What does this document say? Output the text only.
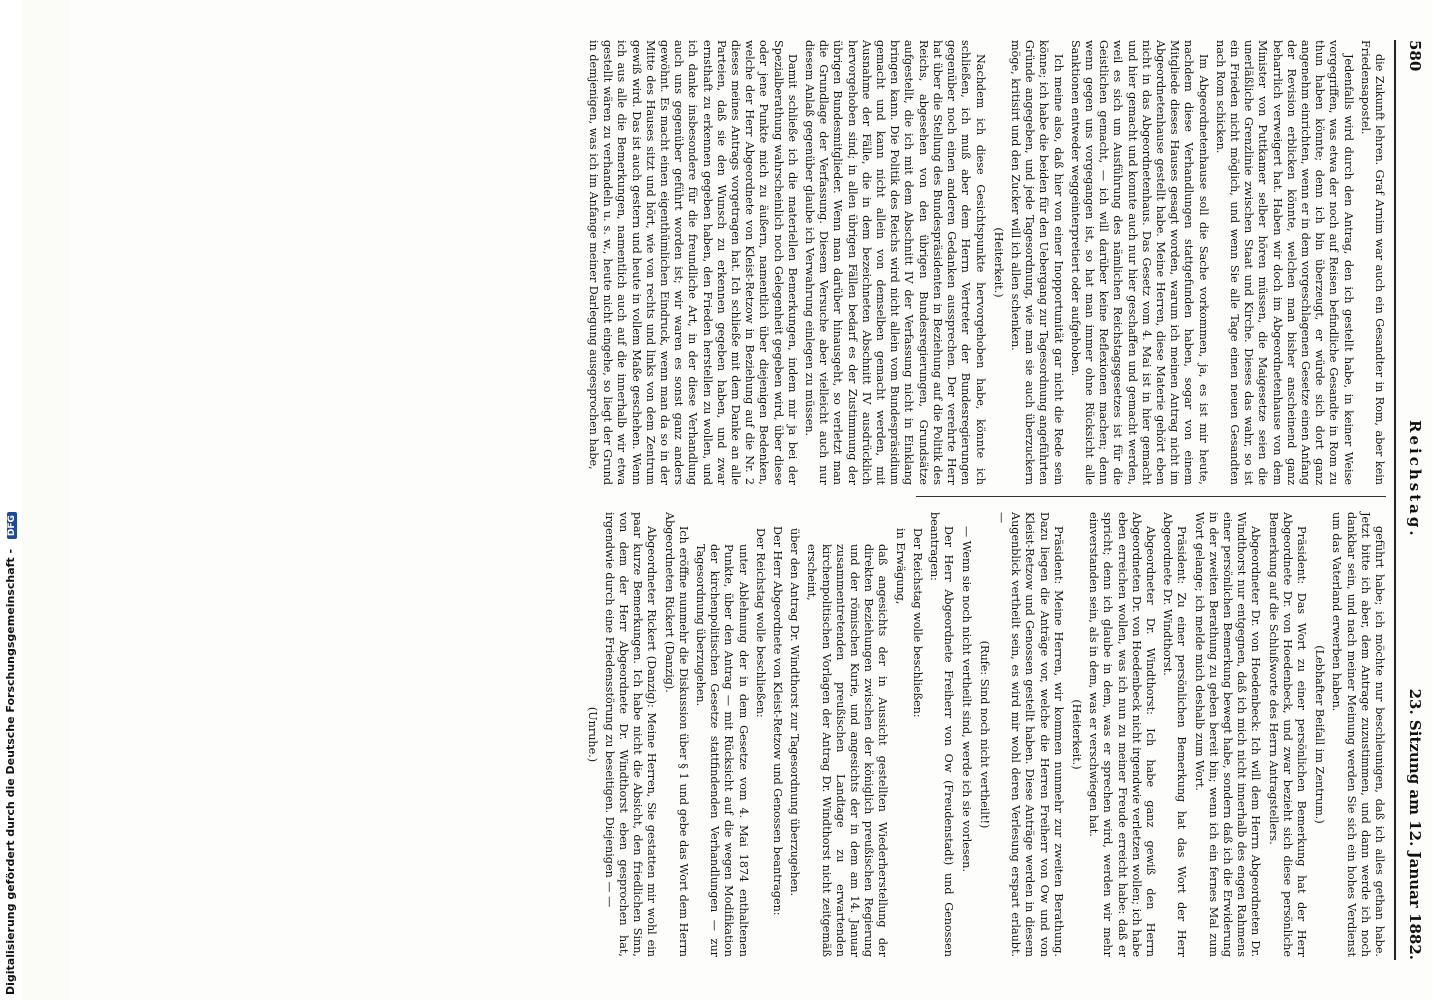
Digitalisierung gefördert durch die Deutsche Forschungsgemeinschaft - DFG
580
Reichstag.
23. Sitzung am 12. Januar 1882.

die Zukunft lehren. Graf Arnim war auch ein Gesandter in Rom, aber kein Friedensapostel.

Jedenfalls wird durch den Antrag, den ich gestellt habe, in keiner Weise vorgegriffen, was etwa der noch auf Reisen befindliche Gesandte in Rom zu thun haben könnte; denn ich bin überzeugt, er würde sich dort ganz angenehm einrichten, wenn er in dem vorgeschlagenen Gesetze einen Anfang der Revision erblicken könnte, welchen man bisher anscheinend ganz beharrlich verweigert hat. Haben wir doch im Abgeordnetenhause von dem Minister von Puttkamer selber hören müssen, die Maigesetze seien die unerläßliche Grenzlinie zwischen Staat und Kirche. Dieses das wahr, so ist ein Frieden nicht möglich, und wenn Sie alle Tage einen neuen Gesandten nach Rom schicken.

Im Abgeordnetenhause soll die Sache vorkommen, ja, es ist mir heute, nachdem diese Verhandlungen stattgefunden haben, sogar von einem Mitgliede dieses Hauses gesagt worden, warum ich meinen Antrag nicht im Abgeordnetenhause gestellt habe. Meine Herren, diese Materie gehört eben nicht in das Abgeordnetenhaus. Das Gesetz vom 4. Mai ist in hier gemacht und hier gemacht und konnte auch nur hier geschaffen und gemacht werden, weil es sich um Ausführung des nämlichen Reichstagsgesetzes ist für die Geistlichen gemacht, — ich will darüber keine Reflexionen machen; denn wenn gegen uns vorgegangen ist, so hat man immer ohne Rücksicht alle Sanktionen entweder weggeinterpretiert oder aufgehoben.

Ich meine also, daß hier von einer Inopportunität gar nicht die Rede sein könne; ich habe die beiden für den Uebergang zur Tagesordnung angeführten Gründe angegeben, und jede Tagesordnung, wie man sie auch überzuckern möge, kritisirt und den Zucker will ich allen schenken.

(Heiterkeit.)

Nachdem ich diese Gesichtspunkte hervorgehoben habe, könnte ich schließen, ich muß aber dem Herrn Vertreter der Bundesregierungen gegenüber noch einen anderen Gedanken aussprechen. Der verehrte Herr hat über die Stellung des Bundespräsidenten in Beziehung auf die Politik des Reichs, abgesehen von den übrigen Bundesregierungen, Grundsätze aufgestellt, die ich mit dem Abschnitt IV der Verfassung nicht in Einklang bringen kann. Die Politik des Reichs wird nicht allein vom Bundespräsidium gemacht und kann nicht allein von demselben gemacht werden, mit Ausnahme der Fälle, die in dem bezeichneten Abschnitt IV ausdrücklich hervorgehoben sind; in allen übrigen Fällen bedarf es der Zustimmung der übrigen Bundesmitglieder. Wenn man darüber hinausgeht, so verletzt man die Grundlage der Verfassung. Diesem Versuche aber vielleicht auch nur diesem Anlaß gegenüber glaube ich Verwahrung einlegen zu müssen.

Damit schließe ich die materiellen Bemerkungen, indem mir ja bei der Spezialberathung wahrscheinlich noch Gelegenheit gegeben wird, über diese oder jene Punkte mich zu äußern, namentlich über diejenigen Bedenken, welche der Herr Abgeordnete von Kleist-Retzow in Beziehung auf die Nr. 2 dieses meines Antrags vorgetragen hat. Ich schließe mit dem Danke an alle Parteien, daß sie den Wunsch zu erkennen gegeben haben, und zwar ernsthaft zu erkennen gegeben haben, den Frieden herstellen zu wollen, und ich danke insbesondere für die freundliche Art, in der diese Verhandlung auch uns gegenüber geführt worden ist; wir waren es sonst ganz anders gewöhnt. Es macht einen eigenthümlichen Eindruck, wenn man da so in der Mitte des Hauses sitzt und hört, wie von rechts und links von dem Zentrum gewiß wird. Das ist auch gestern und heute in vollem Maße geschehen. Wenn ich aus alle die Bemerkungen, namentlich auch auf die innerhalb wir etwa gestellt wären zu verhandeln u. s. w., heute nicht eingehe, so liegt der Grund in demjenigen, was ich im Anfange meiner Darlegung ausgesprochen habe,

geführt habe; ich möchte nur beschleunigen, daß ich alles gethan habe. Jetzt bitte ich aber, dem Antrage zuzustimmen, und dann werde ich noch dankbar sein, und nach meiner Meinung werden Sie sich ein hohes Verdienst um das Vaterland erwerben haben.

(Lebhafter Beifall im Zentrum.)

Präsident: Das Wort zu einer persönlichen Bemerkung hat der Herr Abgeordnete Dr. von Hoedenbeck, und zwar bezieht sich diese persönliche Bemerkung auf die Schlußworte des Herrn Antragstellers.

Abgeordneter Dr. von Hoedenbeck: Ich will dem Herrn Abgeordneten Dr. Windthorst nur entgegnen, daß ich mich nicht innerhalb des engen Rahmens einer persönlichen Bemerkung bewegt habe, sondern daß ich die Erwiderung in der zweiten Berathung zu geben bereit bin; wenn ich ein fernes Mal zum Wort gelange; ich melde mich deshalb zum Wort.

Präsident: Zu einer persönlichen Bemerkung hat das Wort der Herr Abgeordnete Dr. Windthorst.

Abgeordneter Dr. Windthorst: Ich habe ganz gewiß den Herrn Abgeordneten Dr. von Hoedenbeck nicht irgendwie verletzen wollen; ich habe eben erreichen wollen, was ich nun zu meiner Freude erreicht habe: daß er spricht; denn ich glaube in dem, was er sprechen wird, werden wir mehr einverstanden sein, als in dem, was er verschwiegen hat.

(Heiterkeit.)

Präsident: Meine Herren, wir kommen nunmehr zur zweiten Berathung. Dazu liegen die Anträge vor, welche die Herren Freiherr von Ow und von Kleist-Retzow und Genossen gestellt haben. Diese Anträge werden in diesem Augenblick vertheilt sein, es wird mir wohl deren Verlesung erspart erlaubt. —

(Rufe: Sind noch nicht vertheilt!)

— Wenn sie noch nicht vertheilt sind, werde ich sie vorlesen.

Der Herr Abgeordnete Freiherr von Ow (Freudenstadt) und Genossen beantragen:

Der Reichstag wolle beschließen:

in Erwägung,

daß angesichts der in Aussicht gestellten Wiederherstellung der direkten Beziehungen zwischen der königlich preußischen Regierung und der römischen Kurie, und angesichts der in dem am 14. Januar zusammentretenden preußischen Landtage zu erwartenden kirchenpolitischen Vorlagen der Antrag Dr. Windthorst nicht zeitgemäß erscheint,

über den Antrag Dr. Windthorst zur Tagesordnung überzugehen.

Der Herr Abgeordnete von Kleist-Retzow und Genossen beantragen:

Der Reichstag wolle beschließen:

unter Ablehnung der in dem Gesetze vom 4. Mai 1874 enthaltenen Punkte, über den Antrag — mit Rücksicht auf die wegen Modifikation der kirchenpolitischen Gesetze stattfindenden Verhandlungen — zur Tagesordnung überzugehen.

Ich eröffne nunmehr die Diskussion über § 1 und gebe das Wort dem Herrn Abgeordneten Rickert (Danzig).

Abgeordneter Rickert (Danzig): Meine Herren, Sie gestatten mir wohl ein paar kurze Bemerkungen. Ich habe nicht die Absicht, den friedlichen Sinn, von dem der Herr Abgeordnete Dr. Windthorst eben gesprochen hat, irgendwie durch eine Friedensstörung zu beseitigen. Diejenigen — —

(Unruhe.)
